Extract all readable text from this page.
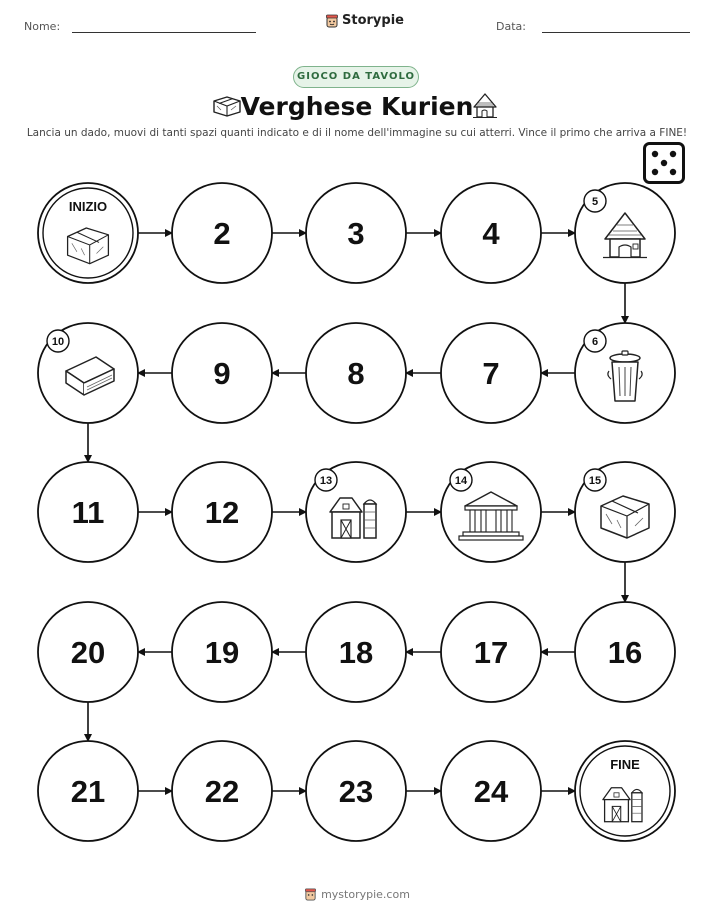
Nome:	Storypie	Data:
GIOCO DA TAVOLO
Verghese Kurien
Lancia un dado, muovi di tanti spazi quanti indicato e di il nome dell'immagine su cui atterri. Vince il primo che arriva a FINE!
INIZIO
2	3	4
5
6
7
8
9
10
11	12
13	14	15
16
17
18
19
20
21	22	23	24
FINE
mystorypie.com
